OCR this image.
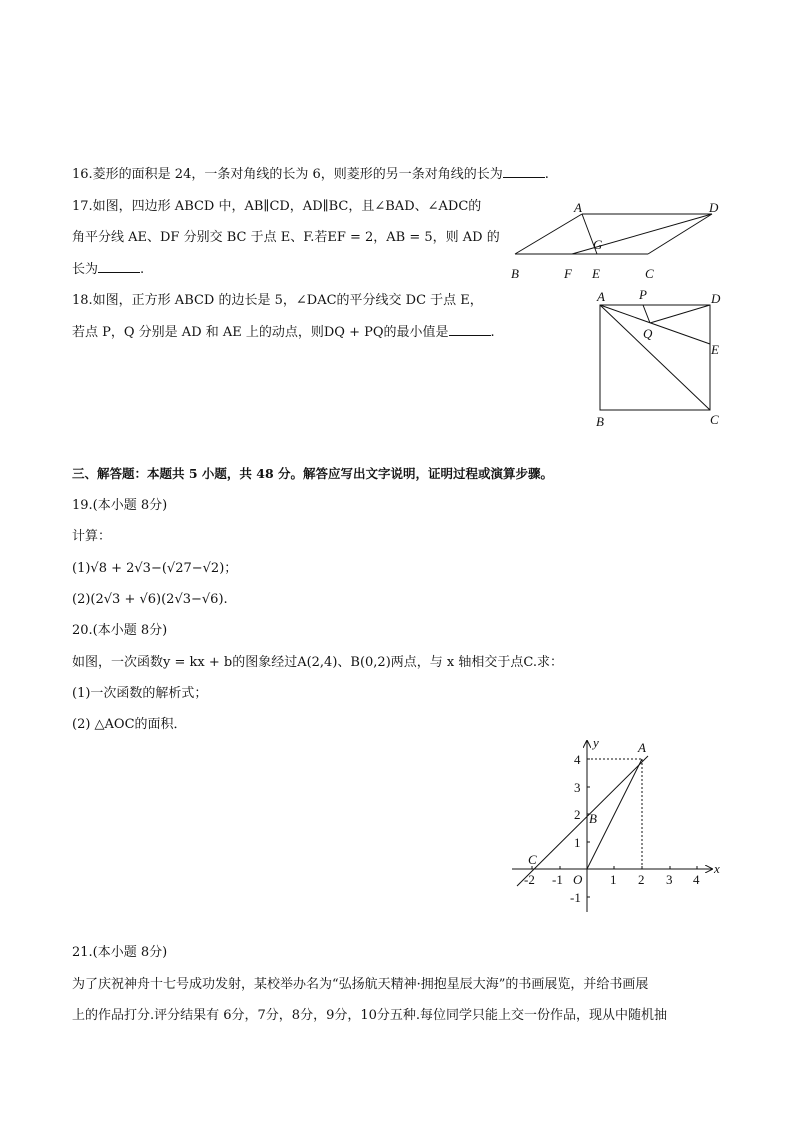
16.菱形的面积是 24，一条对角线的长为 6，则菱形的另一条对角线的长为	.
17.如图，四边形 ABCD 中，AB∥CD，AD∥BC，且∠BAD、∠ADC的
角平分线 AE、DF 分别交 BC 于点 E、F.若EF = 2，AB = 5，则 AD 的
长为	.
A	D
G
B	F E	C
18.如图，正方形 ABCD 的边长是 5，∠DAC的平分线交 DC 于点 E，
若点 P，Q 分别是 AD 和 AE 上的动点，则DQ + PQ的最小值是	.
A	P	D
Q
E
B	C
三、解答题：本题共 5 小题，共 48 分。解答应写出文字说明，证明过程或演算步骤。
19.(本小题 8分)
计算：
(1)√8 + 2√3−(√27−√2)；
(2)(2√3 + √6)(2√3−√6).
20.(本小题 8分)
如图，一次函数y = kx + b的图象经过A(2,4)、B(0,2)两点，与 x 轴相交于点C.求：
(1)一次函数的解析式；
(2) △AOC的面积．
-2 -1	1 2 3 4
4
3
2
1
-1
O
x
y	A
B
C
21.(本小题 8分)
为了庆祝神舟十七号成功发射，某校举办名为“弘扬航天精神·拥抱星辰大海”的书画展览，并给书画展
上的作品打分.评分结果有 6分，7分，8分，9分，10分五种.每位同学只能上交一份作品，现从中随机抽
